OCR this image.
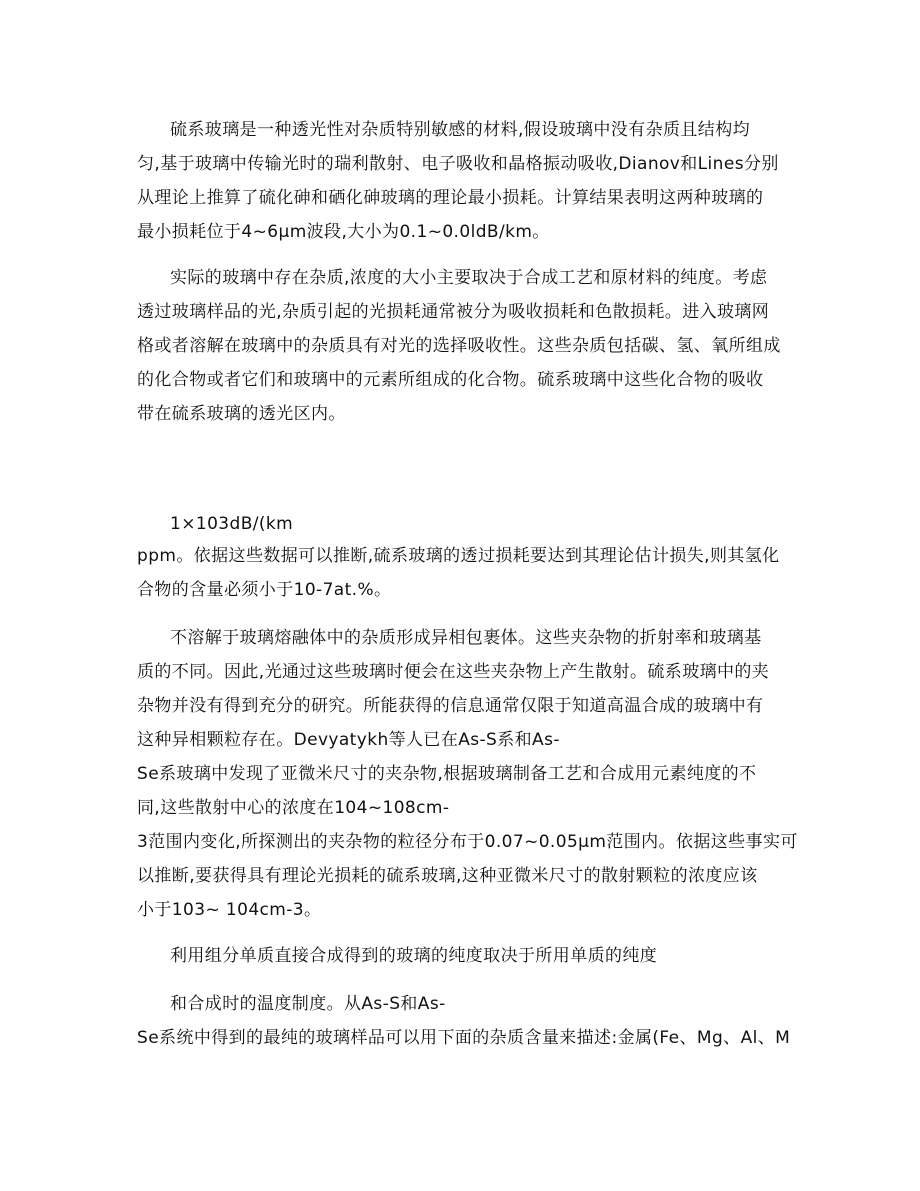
硫系玻璃是一种透光性对杂质特别敏感的材料,假设玻璃中没有杂质且结构均
匀,基于玻璃中传输光时的瑞利散射、电子吸收和晶格振动吸收,Dianov和Lines分别
从理论上推算了硫化砷和硒化砷玻璃的理论最小损耗。计算结果表明这两种玻璃的
最小损耗位于4~6μm波段,大小为0.1~0.0ldB/km。
实际的玻璃中存在杂质,浓度的大小主要取决于合成工艺和原材料的纯度。考虑
透过玻璃样品的光,杂质引起的光损耗通常被分为吸收损耗和色散损耗。进入玻璃网
格或者溶解在玻璃中的杂质具有对光的选择吸收性。这些杂质包括碳、氢、氧所组成
的化合物或者它们和玻璃中的元素所组成的化合物。硫系玻璃中这些化合物的吸收
带在硫系玻璃的透光区内。
1×103dB/(km
ppm。依据这些数据可以推断,硫系玻璃的透过损耗要达到其理论估计损失,则其氢化
合物的含量必须小于10-7at.%。
不溶解于玻璃熔融体中的杂质形成异相包裹体。这些夹杂物的折射率和玻璃基
质的不同。因此,光通过这些玻璃时便会在这些夹杂物上产生散射。硫系玻璃中的夹
杂物并没有得到充分的研究。所能获得的信息通常仅限于知道高温合成的玻璃中有
这种异相颗粒存在。Devyatykh等人已在As-S系和As-
Se系玻璃中发现了亚微米尺寸的夹杂物,根据玻璃制备工艺和合成用元素纯度的不
同,这些散射中心的浓度在104~108cm-
3范围内变化,所探测出的夹杂物的粒径分布于0.07~0.05μm范围内。依据这些事实可
以推断,要获得具有理论光损耗的硫系玻璃,这种亚微米尺寸的散射颗粒的浓度应该
小于103~ 104cm-3。
利用组分单质直接合成得到的玻璃的纯度取决于所用单质的纯度
和合成时的温度制度。从As-S和As-
Se系统中得到的最纯的玻璃样品可以用下面的杂质含量来描述:金属(Fe、Mg、Al、M
